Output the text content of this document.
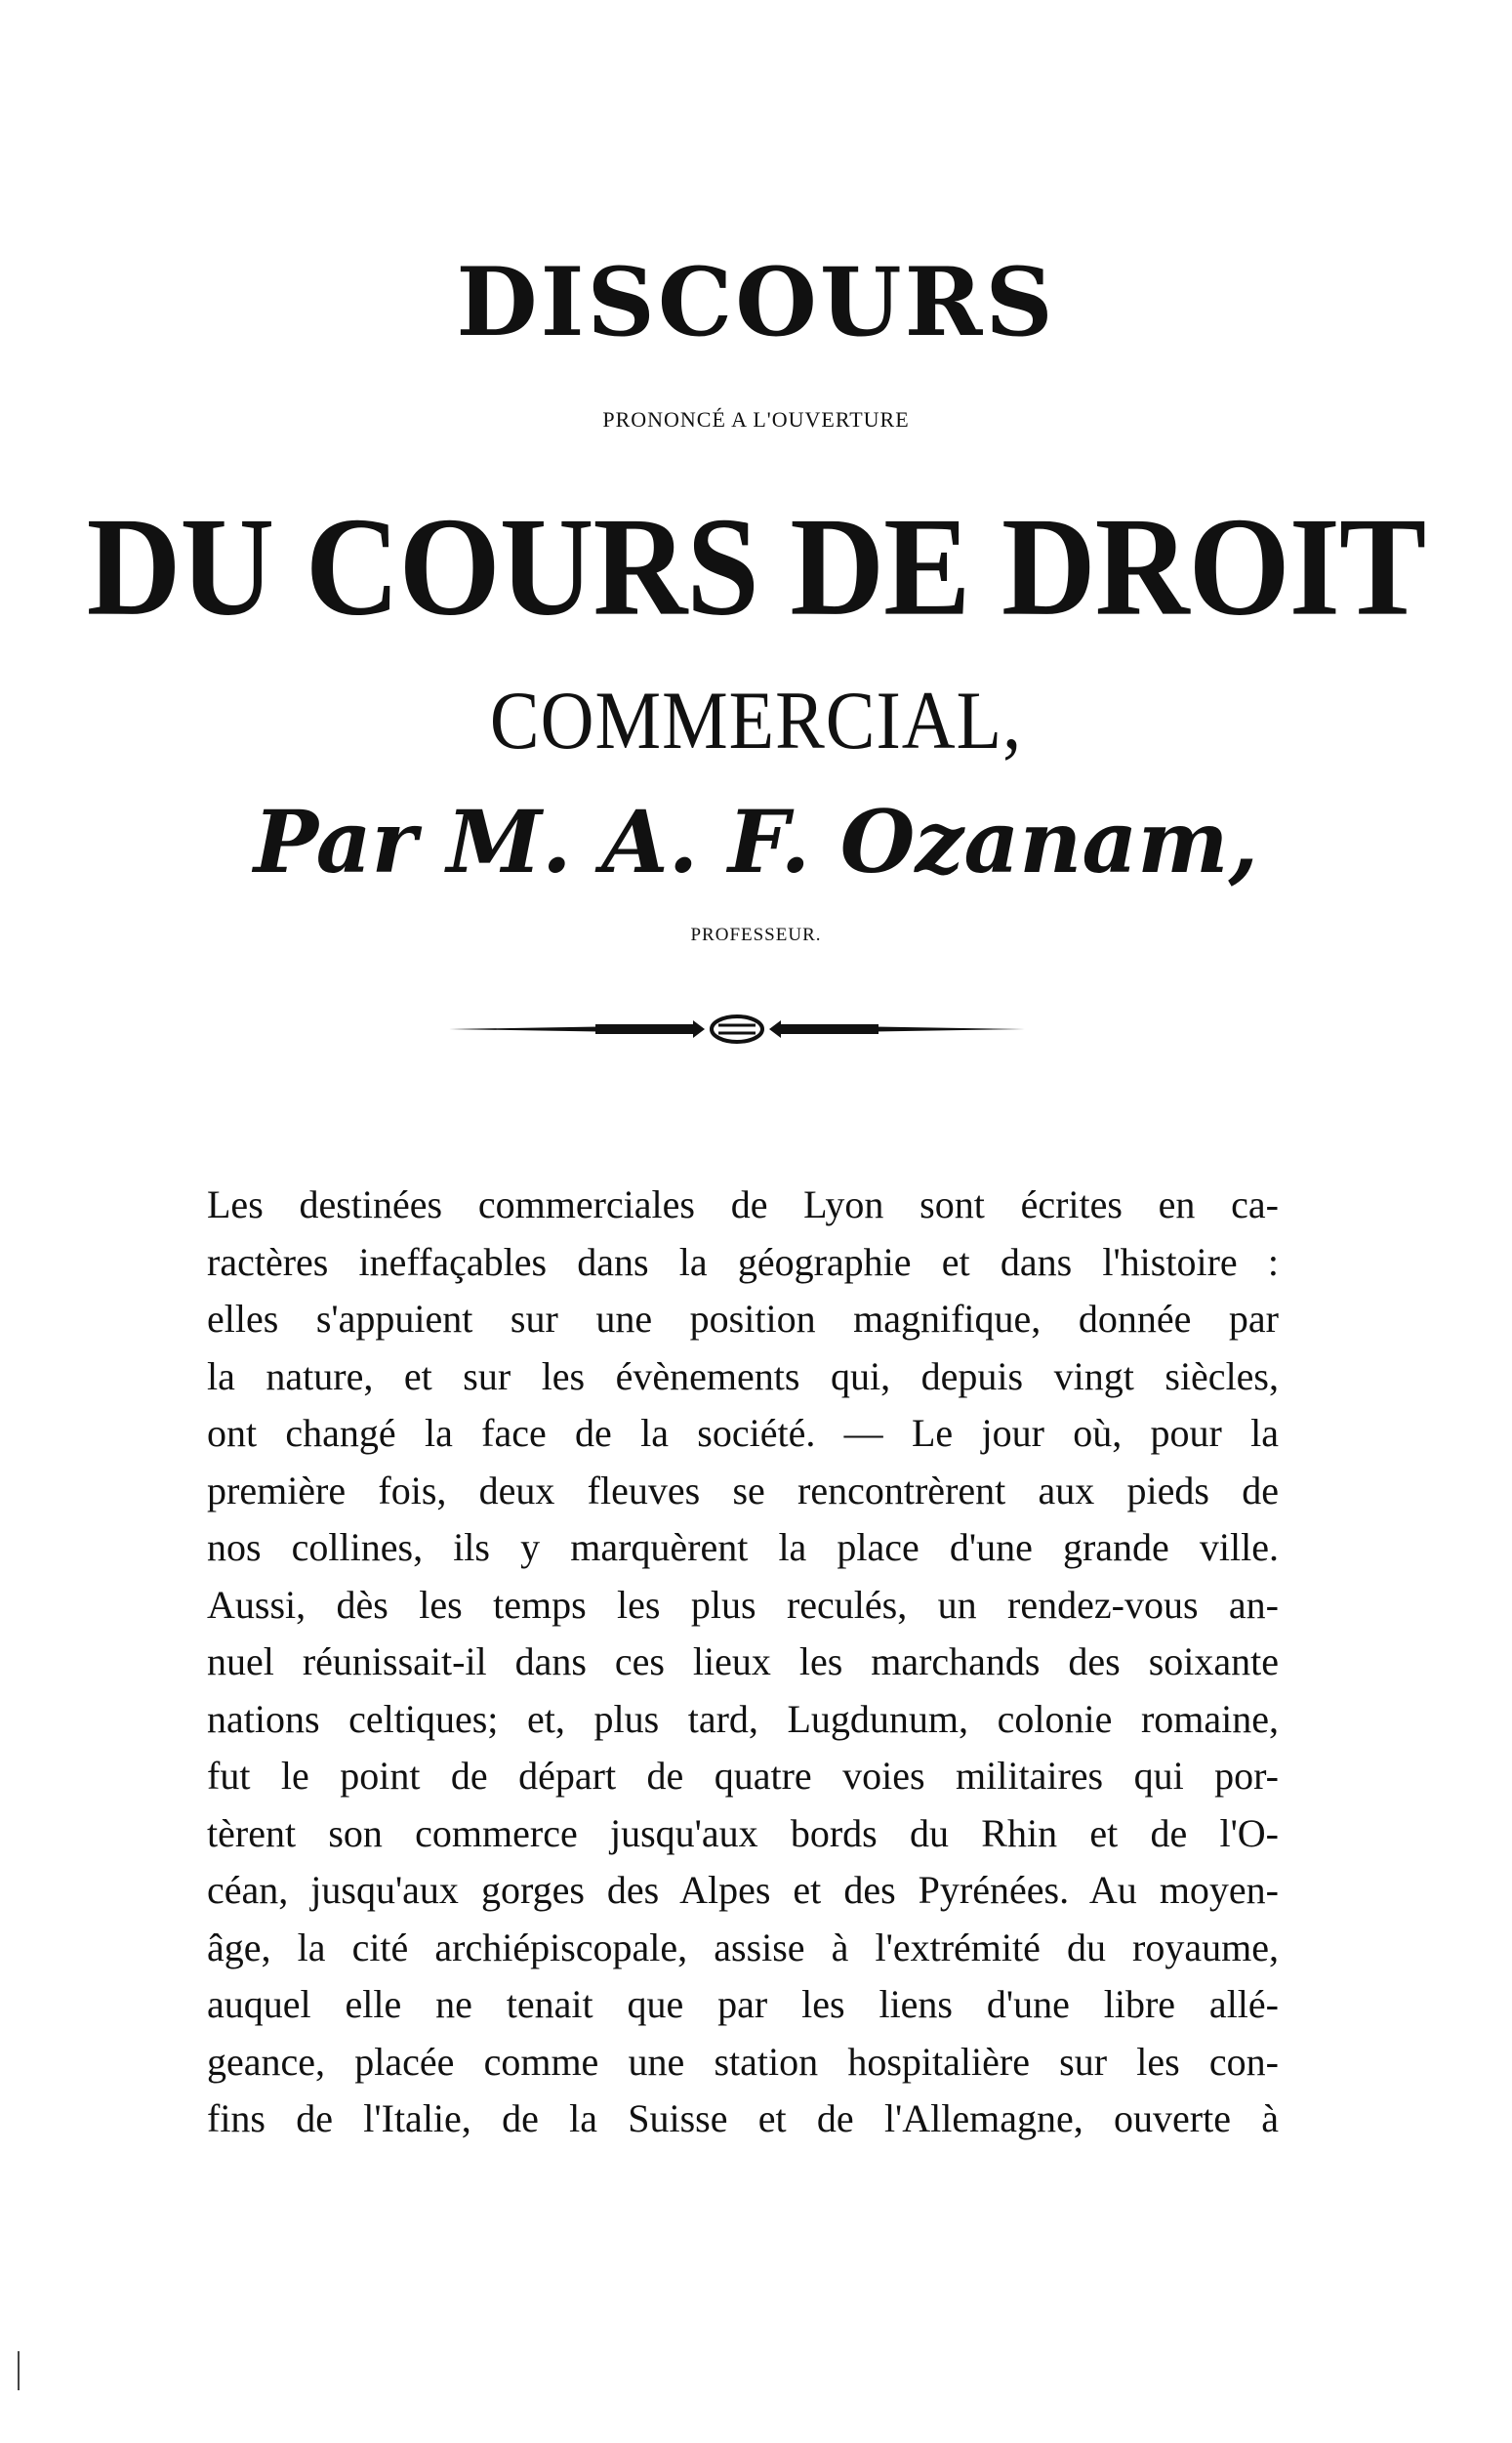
DISCOURS
PRONONCÉ A L'OUVERTURE
DU COURS DE DROIT
COMMERCIAL,
Par M. A. F. Ozanam,
PROFESSEUR.
Les destinées commerciales de Lyon sont écrites en ca-
ractères ineffaçables dans la géographie et dans l'histoire :
elles s'appuient sur une position magnifique, donnée par
la nature, et sur les évènements qui, depuis vingt siècles,
ont changé la face de la société. — Le jour où, pour la
première fois, deux fleuves se rencontrèrent aux pieds de
nos collines, ils y marquèrent la place d'une grande ville.
Aussi, dès les temps les plus reculés, un rendez-vous an-
nuel réunissait-il dans ces lieux les marchands des soixante
nations celtiques; et, plus tard, Lugdunum, colonie romaine,
fut le point de départ de quatre voies militaires qui por-
tèrent son commerce jusqu'aux bords du Rhin et de l'O-
céan, jusqu'aux gorges des Alpes et des Pyrénées. Au moyen-
âge, la cité archiépiscopale, assise à l'extrémité du royaume,
auquel elle ne tenait que par les liens d'une libre allé-
geance, placée comme une station hospitalière sur les con-
fins de l'Italie, de la Suisse et de l'Allemagne, ouverte à
